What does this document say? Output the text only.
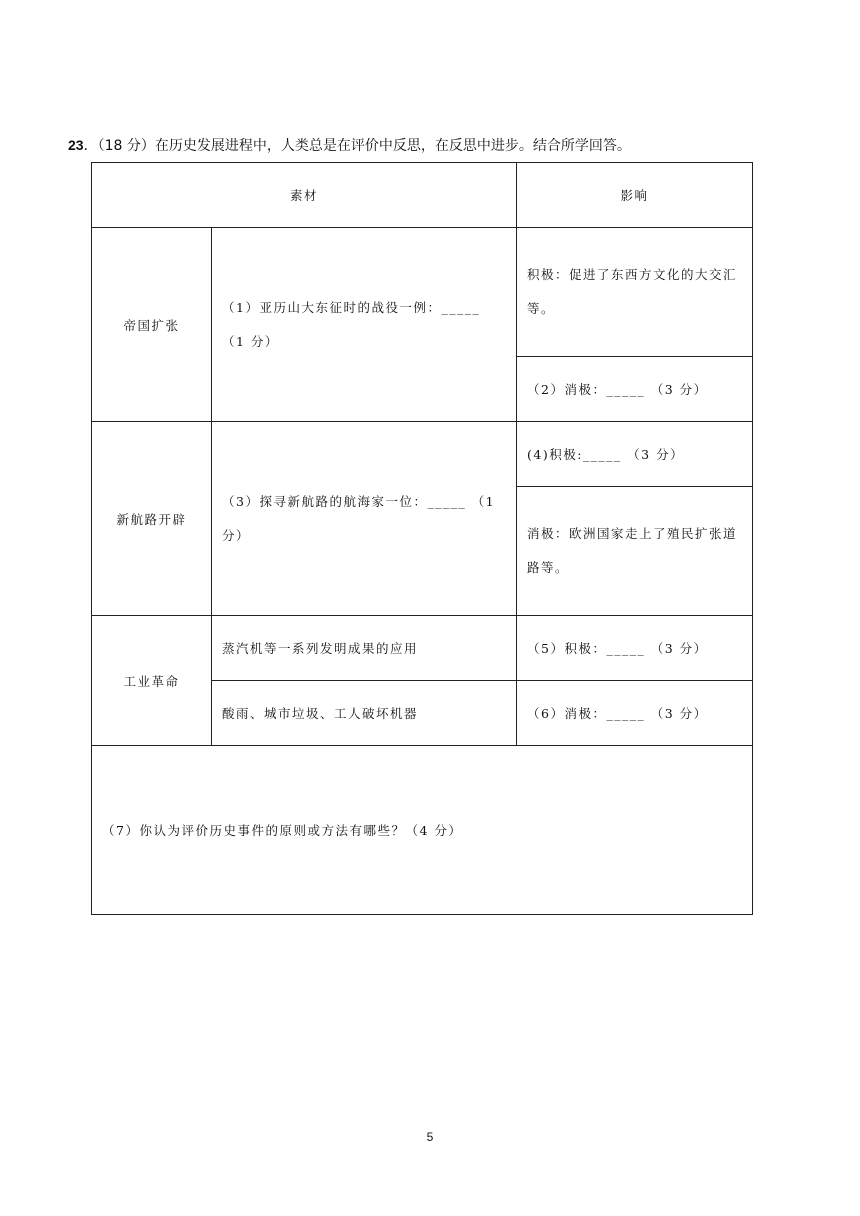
23．（18 分）在历史发展进程中，人类总是在评价中反思，在反思中进步。结合所学回答。
素材		影响
帝国扩张	（1）亚历山大东征时的战役一例：_____ （1 分）	积极：促进了东西方文化的大交汇等。
		（2）消极：_____ （3 分）
新航路开辟	（3）探寻新航路的航海家一位：_____ （1 分）	(4)积极:_____ （3 分）
		消极：欧洲国家走上了殖民扩张道路等。
工业革命	蒸汽机等一系列发明成果的应用	（5）积极：_____ （3 分）
	酸雨、城市垃圾、工人破坏机器	（6）消极：_____ （3 分）
（7）你认为评价历史事件的原则或方法有哪些？（4 分）		
5
